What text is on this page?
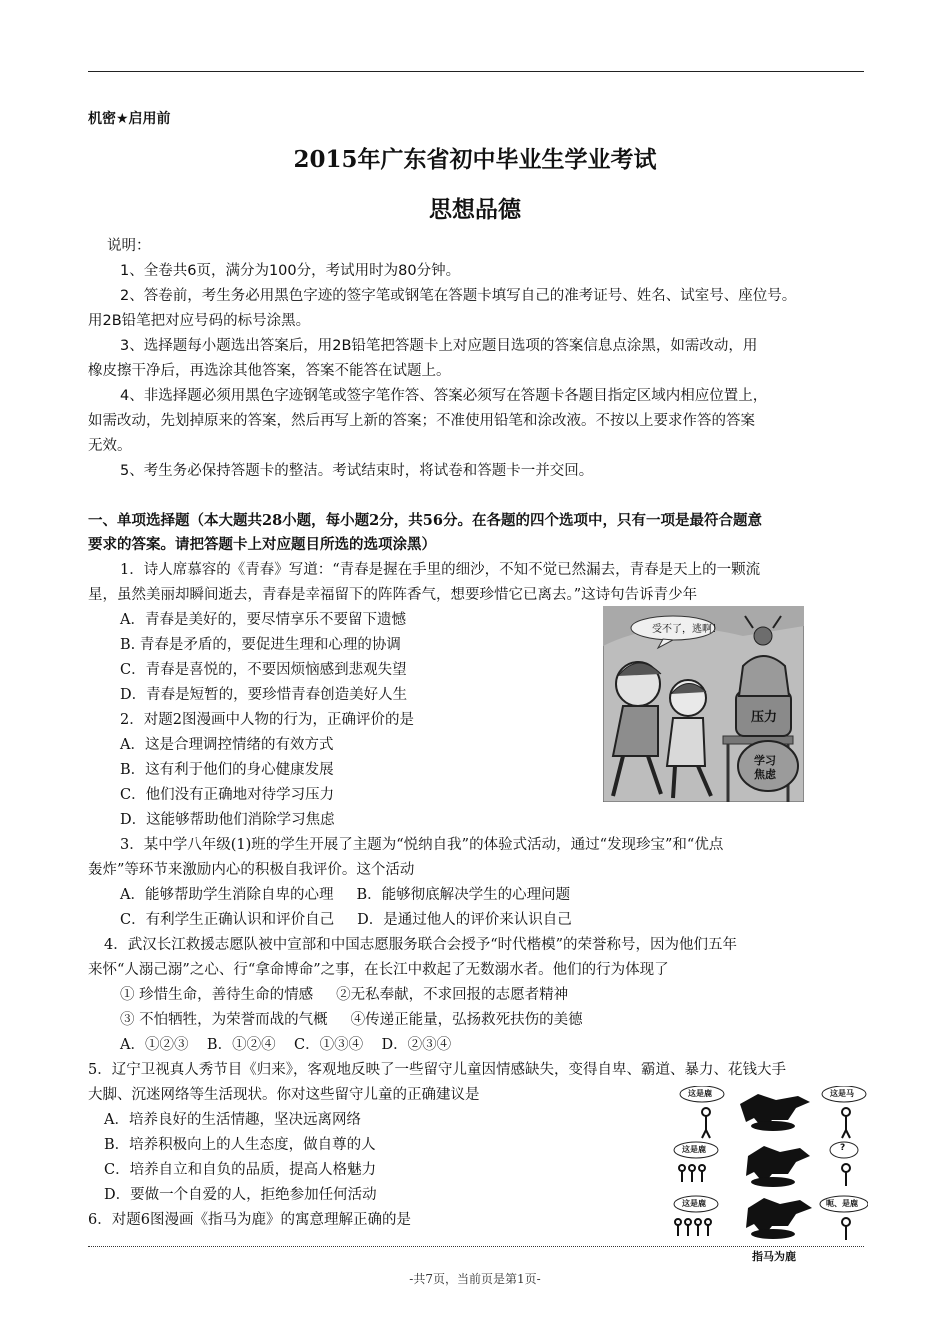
机密★启用前
2015年广东省初中毕业生学业考试
思想品德
说明：
1、全卷共6页，满分为100分，考试用时为80分钟。
2、答卷前，考生务必用黑色字迹的签字笔或钢笔在答题卡填写自己的准考证号、姓名、试室号、座位号。
用2B铅笔把对应号码的标号涂黑。
3、选择题每小题选出答案后，用2B铅笔把答题卡上对应题目选项的答案信息点涂黑，如需改动，用
橡皮擦干净后，再选涂其他答案，答案不能答在试题上。
4、非选择题必须用黑色字迹钢笔或签字笔作答、答案必须写在答题卡各题目指定区域内相应位置上，
如需改动，先划掉原来的答案，然后再写上新的答案；不准使用铅笔和涂改液。不按以上要求作答的答案
无效。
5、考生务必保持答题卡的整洁。考试结束时，将试卷和答题卡一并交回。
一、单项选择题（本大题共28小题，每小题2分，共56分。在各题的四个选项中，只有一项是最符合题意
要求的答案。请把答题卡上对应题目所选的选项涂黑）
1．诗人席慕容的《青春》写道：“青春是握在手里的细沙，不知不觉已然漏去，青春是天上的一颗流
星，虽然美丽却瞬间逝去，青春是幸福留下的阵阵香气，想要珍惜它已离去。”这诗句告诉青少年
A．青春是美好的，要尽情享乐不要留下遗憾
B. 青春是矛盾的，要促进生理和心理的协调
C．青春是喜悦的，不要因烦恼感到悲观失望
D．青春是短暂的，要珍惜青春创造美好人生
2．对题2图漫画中人物的行为，正确评价的是
A．这是合理调控情绪的有效方式
B．这有利于他们的身心健康发展
C．他们没有正确地对待学习压力
D．这能够帮助他们消除学习焦虑
3．某中学八年级(1)班的学生开展了主题为“悦纳自我”的体验式活动，通过“发现珍宝”和“优点
轰炸”等环节来激励内心的积极自我评价。这个活动
A．能够帮助学生消除自卑的心理     B．能够彻底解决学生的心理问题
C．有利学生正确认识和评价自己     D．是通过他人的评价来认识自己
4．武汉长江救援志愿队被中宣部和中国志愿服务联合会授予“时代楷模”的荣誉称号，因为他们五年
来怀“人溺己溺”之心、行“拿命博命”之事，在长江中救起了无数溺水者。他们的行为体现了
① 珍惜生命，善待生命的情感     ②无私奉献，不求回报的志愿者精神
③ 不怕牺牲，为荣誉而战的气概     ④传递正能量，弘扬救死扶伤的美德
A．①②③    B．①②④    C．①③④    D．②③④
5．辽宁卫视真人秀节目《归来》，客观地反映了一些留守儿童因情感缺失，变得自卑、霸道、暴力、花钱大手
大脚、沉迷网络等生活现状。你对这些留守儿童的正确建议是
A．培养良好的生活情趣，坚决远离网络
B．培养积极向上的人生态度，做自尊的人
C．培养自立和自负的品质，提高人格魅力
D．要做一个自爱的人，拒绝参加任何活动
6．对题6图漫画《指马为鹿》的寓意理解正确的是
受不了，逃啊！
压力
学习焦虑
这是鹿	这是马
这是鹿	?
这是鹿	呃、是鹿
指马为鹿
-共7页，当前页是第1页-
